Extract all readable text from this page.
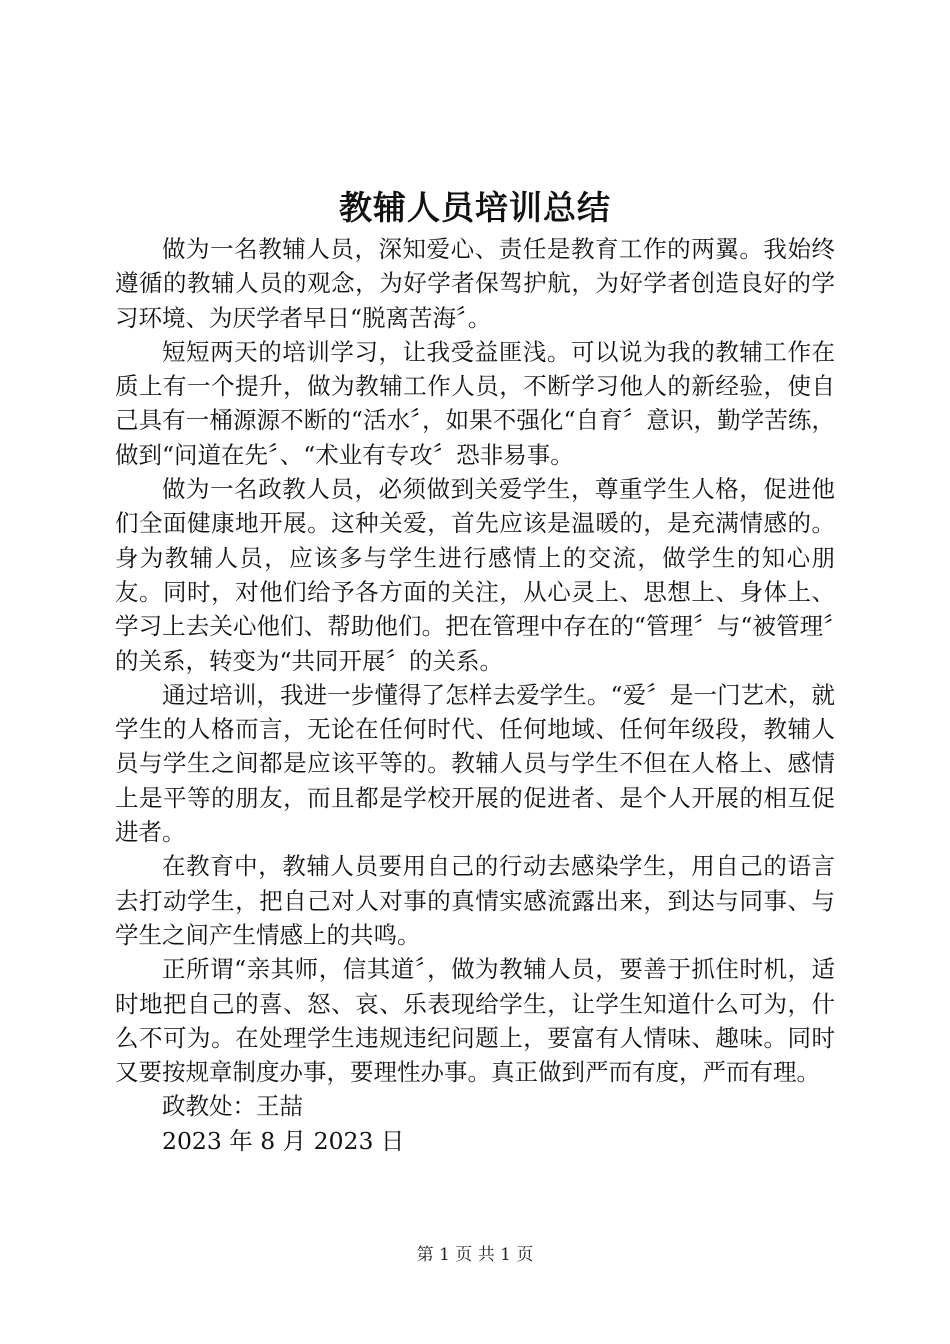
教辅人员培训总结

做为一名教辅人员，深知爱心、责任是教育工作的两翼。我始终遵循的教辅人员的观念，为好学者保驾护航，为好学者创造良好的学习环境、为厌学者早日“脱离苦海〞。

短短两天的培训学习，让我受益匪浅。可以说为我的教辅工作在质上有一个提升，做为教辅工作人员，不断学习他人的新经验，使自己具有一桶源源不断的“活水〞，如果不强化“自育〞意识，勤学苦练，做到“问道在先〞、“术业有专攻〞恐非易事。

做为一名政教人员，必须做到关爱学生，尊重学生人格，促进他们全面健康地开展。这种关爱，首先应该是温暖的，是充满情感的。身为教辅人员，应该多与学生进行感情上的交流，做学生的知心朋友。同时，对他们给予各方面的关注，从心灵上、思想上、身体上、学习上去关心他们、帮助他们。把在管理中存在的“管理〞与“被管理〞的关系，转变为“共同开展〞的关系。

通过培训，我进一步懂得了怎样去爱学生。“爱〞是一门艺术，就学生的人格而言，无论在任何时代、任何地域、任何年级段，教辅人员与学生之间都是应该平等的。教辅人员与学生不但在人格上、感情上是平等的朋友，而且都是学校开展的促进者、是个人开展的相互促进者。

在教育中，教辅人员要用自己的行动去感染学生，用自己的语言去打动学生，把自己对人对事的真情实感流露出来，到达与同事、与学生之间产生情感上的共鸣。

正所谓“亲其师，信其道〞，做为教辅人员，要善于抓住时机，适时地把自己的喜、怒、哀、乐表现给学生，让学生知道什么可为，什么不可为。在处理学生违规违纪问题上，要富有人情味、趣味。同时又要按规章制度办事，要理性办事。真正做到严而有度，严而有理。

政教处：王喆

2023 年 8 月 2023 日

第 1 页 共 1 页
